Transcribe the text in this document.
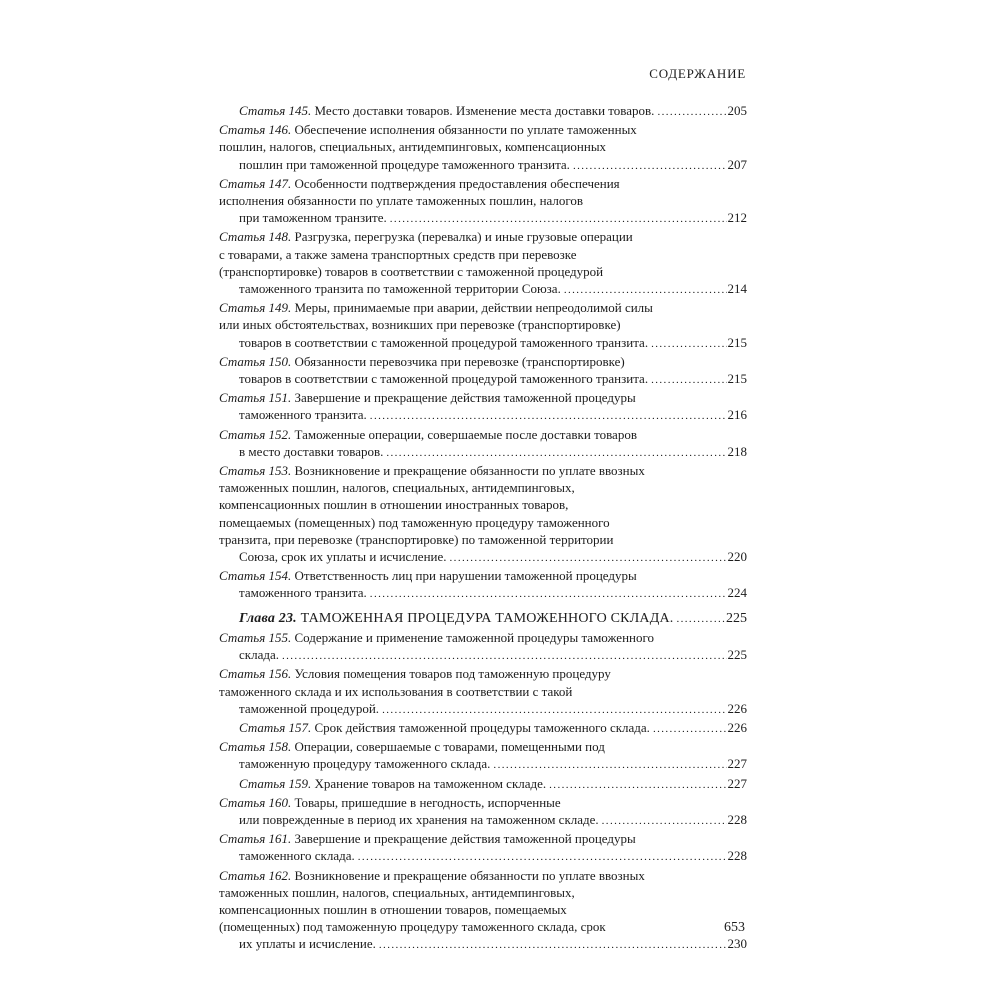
СОДЕРЖАНИЕ
Статья 145. Место доставки товаров. Изменение места доставки товаров. .....	205
Статья 146. Обеспечение исполнения обязанности по уплате таможенных
пошлин, налогов, специальных, антидемпинговых, компенсационных
пошлин при таможенной процедуре таможенного транзита. .....	207
Статья 147. Особенности подтверждения предоставления обеспечения
исполнения обязанности по уплате таможенных пошлин, налогов
при таможенном транзите. .....	212
Статья 148. Разгрузка, перегрузка (перевалка) и иные грузовые операции
с товарами, а также замена транспортных средств при перевозке
(транспортировке) товаров в соответствии с таможенной процедурой
таможенного транзита по таможенной территории Союза. .....	214
Статья 149. Меры, принимаемые при аварии, действии непреодолимой силы
или иных обстоятельствах, возникших при перевозке (транспортировке)
товаров в соответствии с таможенной процедурой таможенного транзита. .....	215
Статья 150. Обязанности перевозчика при перевозке (транспортировке)
товаров в соответствии с таможенной процедурой таможенного транзита. .....	215
Статья 151. Завершение и прекращение действия таможенной процедуры
таможенного транзита. .....	216
Статья 152. Таможенные операции, совершаемые после доставки товаров
в место доставки товаров. .....	218
Статья 153. Возникновение и прекращение обязанности по уплате ввозных
таможенных пошлин, налогов, специальных, антидемпинговых,
компенсационных пошлин в отношении иностранных товаров,
помещаемых (помещенных) под таможенную процедуру таможенного
транзита, при перевозке (транспортировке) по таможенной территории
Союза, срок их уплаты и исчисление. .....	220
Статья 154. Ответственность лиц при нарушении таможенной процедуры
таможенного транзита. .....	224
Глава 23. ТАМОЖЕННАЯ ПРОЦЕДУРА ТАМОЖЕННОГО СКЛАДА. .....	225
Статья 155. Содержание и применение таможенной процедуры таможенного
склада. .....	225
Статья 156. Условия помещения товаров под таможенную процедуру
таможенного склада и их использования в соответствии с такой
таможенной процедурой. .....	226
Статья 157. Срок действия таможенной процедуры таможенного склада. .....	226
Статья 158. Операции, совершаемые с товарами, помещенными под
таможенную процедуру таможенного склада. .....	227
Статья 159. Хранение товаров на таможенном складе. .....	227
Статья 160. Товары, пришедшие в негодность, испорченные
или поврежденные в период их хранения на таможенном складе. .....	228
Статья 161. Завершение и прекращение действия таможенной процедуры
таможенного склада. .....	228
Статья 162. Возникновение и прекращение обязанности по уплате ввозных
таможенных пошлин, налогов, специальных, антидемпинговых,
компенсационных пошлин в отношении товаров, помещаемых
(помещенных) под таможенную процедуру таможенного склада, срок
их уплаты и исчисление. .....	230
653
